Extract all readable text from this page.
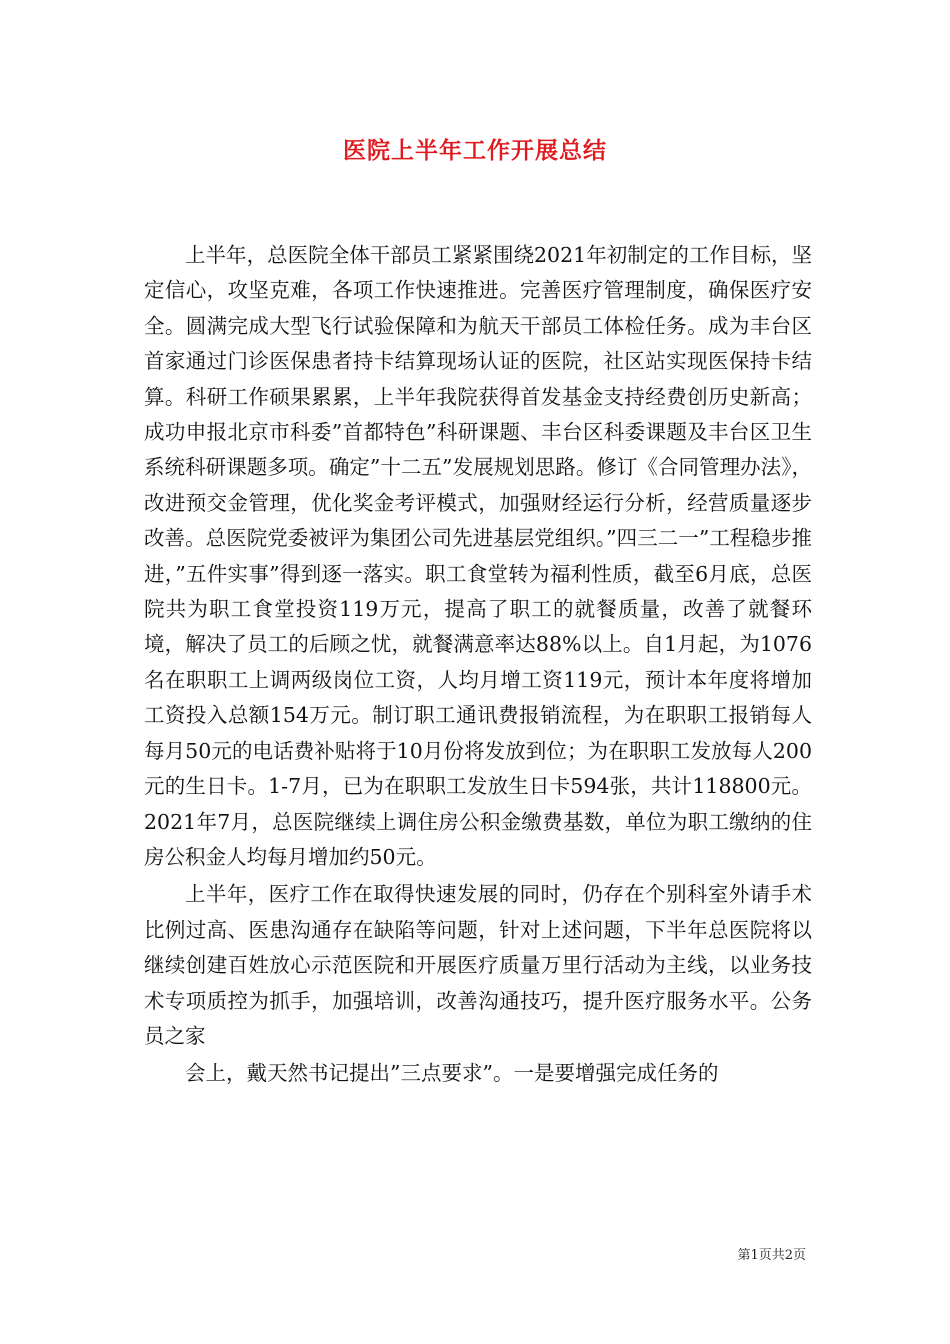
医院上半年工作开展总结

上半年，总医院全体干部员工紧紧围绕2021年初制定的工作目标，坚定信心，攻坚克难，各项工作快速推进。完善医疗管理制度，确保医疗安全。圆满完成大型飞行试验保障和为航天干部员工体检任务。成为丰台区首家通过门诊医保患者持卡结算现场认证的医院，社区站实现医保持卡结算。科研工作硕果累累，上半年我院获得首发基金支持经费创历史新高；成功申报北京市科委”首都特色”科研课题、丰台区科委课题及丰台区卫生系统科研课题多项。确定”十二五”发展规划思路。修订《合同管理办法》，改进预交金管理，优化奖金考评模式，加强财经运行分析，经营质量逐步改善。总医院党委被评为集团公司先进基层党组织。”四三二一”工程稳步推进，”五件实事”得到逐一落实。职工食堂转为福利性质，截至6月底，总医院共为职工食堂投资119万元，提高了职工的就餐质量，改善了就餐环境，解决了员工的后顾之忧，就餐满意率达88%以上。自1月起，为1076名在职职工上调两级岗位工资，人均月增工资119元，预计本年度将增加工资投入总额154万元。制订职工通讯费报销流程，为在职职工报销每人每月50元的电话费补贴将于10月份将发放到位；为在职职工发放每人200元的生日卡。1-7月，已为在职职工发放生日卡594张，共计118800元。2021年7月，总医院继续上调住房公积金缴费基数，单位为职工缴纳的住房公积金人均每月增加约50元。

上半年，医疗工作在取得快速发展的同时，仍存在个别科室外请手术比例过高、医患沟通存在缺陷等问题，针对上述问题，下半年总医院将以继续创建百姓放心示范医院和开展医疗质量万里行活动为主线，以业务技术专项质控为抓手，加强培训，改善沟通技巧，提升医疗服务水平。公务员之家

会上，戴天然书记提出”三点要求”。一是要增强完成任务的

第1页共2页
